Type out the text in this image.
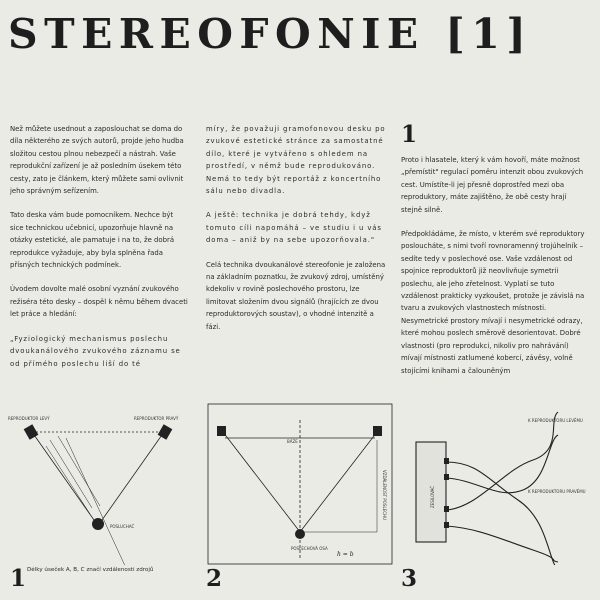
STEREOFONIE [1]

Než můžete usednout a zaposlouchat se doma do díla některého ze svých autorů, projde jeho hudba složitou cestou plnou nebezpečí a nástrah. Vaše reprodukční zařízení je až posledním úsekem této cesty, zato je článkem, který můžete sami ovlivnit jeho správným seřízením.

Tato deska vám bude pomocníkem. Nechce být sice technickou učebnicí, upozorňuje hlavně na otázky estetické, ale pamatuje i na to, že dobrá reprodukce vyžaduje, aby byla splněna řada přísných technických podmínek.

Úvodem dovolte malé osobní vyznání zvukového režiséra této desky – dospěl k němu během dvaceti let práce a hledání:

„Fyziologický mechanismus poslechu dvoukanálového zvukového záznamu se od přímého poslechu liší do té

míry, že považuji gramofonovou desku po zvukové estetické stránce za samostatné dílo, které je vytvářeno s ohledem na prostředí, v němž bude reprodukováno. Nemá to tedy být reportáž z koncertního sálu nebo divadla.

A ještě: technika je dobrá tehdy, když tomuto cíli napomáhá – ve studiu i u vás doma – aniž by na sebe upozorňovala."

Celá technika dvoukanálové stereofonie je založena na základním poznatku, že zvukový zdroj, umístěný kdekoliv v rovině poslechového prostoru, lze limitovat složením dvou signálů (hrajících ze dvou reproduktorových soustav), o vhodné intenzitě a fázi.

1

Proto i hlasatele, který k vám hovoří, máte možnost „přemístit" regulací poměru intenzit obou zvukových cest. Umístíte-li jej přesně doprostřed mezi oba reproduktory, máte zajištěno, že obě cesty hrají stejně silně.

Předpokládáme, že místo, v kterém své reproduktory posloucháte, s nimi tvoří rovnoramenný trojúhelník – sedíte tedy v poslechové ose. Vaše vzdálenost od spojnice reproduktorů již neovlivňuje symetrii poslechu, ale jeho zřetelnost. Vyplatí se tuto vzdálenost prakticky vyzkoušet, protože je závislá na tvaru a zvukových vlastnostech místnosti. Nesymetrické prostory mívají i nesymetrické odrazy, které mohou poslech směrově desorientovat. Dobré vlastnosti (pro reprodukci, nikoliv pro nahrávání) mívají místnosti zatlumené kobercí, závěsy, volně stojícími knihami a čalouněným

REPRODUKTOR LEVÝ	REPRODUKTOR PRAVÝ
POSLUCHAČ
BÁZE
POSLECHOVÁ OSA
VZDÁLENOST POSLECHU
h = b
ZESILOVAČ
K REPRODUKTORU LEVÉMU
K REPRODUKTORU PRAVÉMU
1 Délky úseček A, B, C značí vzdálenosti zdrojů 2	3
